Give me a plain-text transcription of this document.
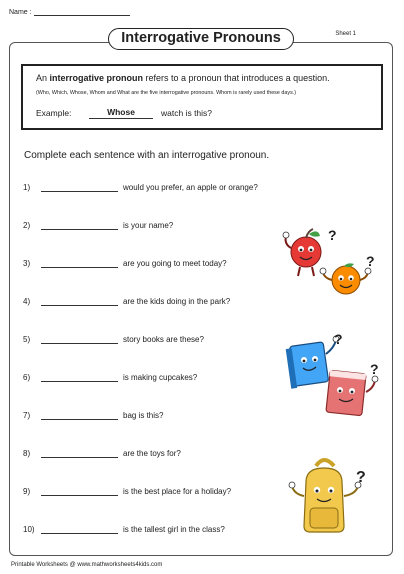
Name :
Sheet 1
Interrogative Pronouns
An interrogative pronoun refers to a pronoun that introduces a question.
(Who, Which, Whose, Whom and What are the five interrogative pronouns. Whom is rarely used these days.)
Example:	Whose	watch is this?
Complete each sentence with an interrogative pronoun.
1)	would you prefer, an apple or orange?
2)	is your name?
3)	are you going to meet today?
4)	are the kids doing in the park?
5)	story books are these?
6)	is making cupcakes?
7)	bag is this?
8)	are the toys for?
9)	is the best place for a holiday?
10)	is the tallest girl in the class?
?
?
?
?
?
Printable Worksheets @ www.mathworksheets4kids.com
